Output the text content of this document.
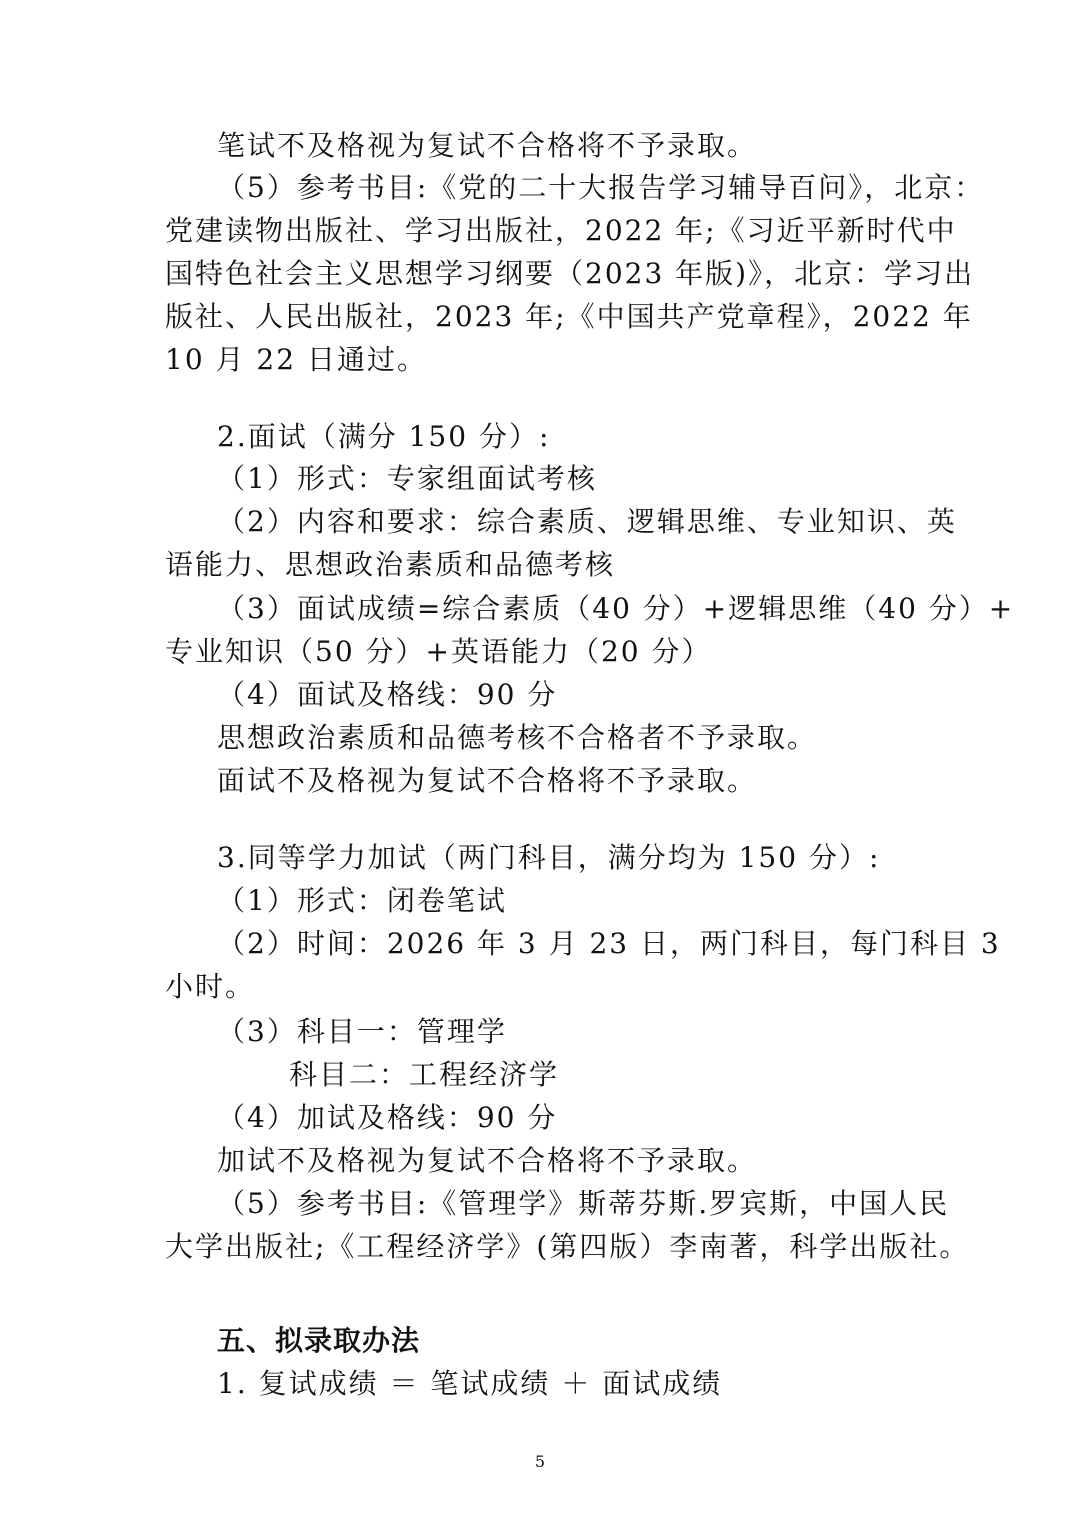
笔试不及格视为复试不合格将不予录取。
（5）参考书目:《党的二十大报告学习辅导百问》，北京：
党建读物出版社、学习出版社，2022 年;《习近平新时代中
国特色社会主义思想学习纲要（2023 年版)》，北京：学习出
版社、人民出版社，2023 年;《中国共产党章程》，2022 年
10 月 22 日通过。
2.面试（满分 150 分）:
（1）形式：专家组面试考核
（2）内容和要求：综合素质、逻辑思维、专业知识、英
语能力、思想政治素质和品德考核
（3）面试成绩=综合素质（40 分）+逻辑思维（40 分）+
专业知识（50 分）+英语能力（20 分）
（4）面试及格线：90 分
思想政治素质和品德考核不合格者不予录取。
面试不及格视为复试不合格将不予录取。
3.同等学力加试（两门科目，满分均为 150 分）:
（1）形式：闭卷笔试
（2）时间：2026 年 3 月 23 日，两门科目，每门科目 3
小时。
（3）科目一：管理学
科目二：工程经济学
（4）加试及格线：90 分
加试不及格视为复试不合格将不予录取。
（5）参考书目:《管理学》斯蒂芬斯.罗宾斯，中国人民
大学出版社;《工程经济学》(第四版）李南著，科学出版社。
五、拟录取办法
1. 复试成绩 ＝ 笔试成绩 ＋ 面试成绩
5
